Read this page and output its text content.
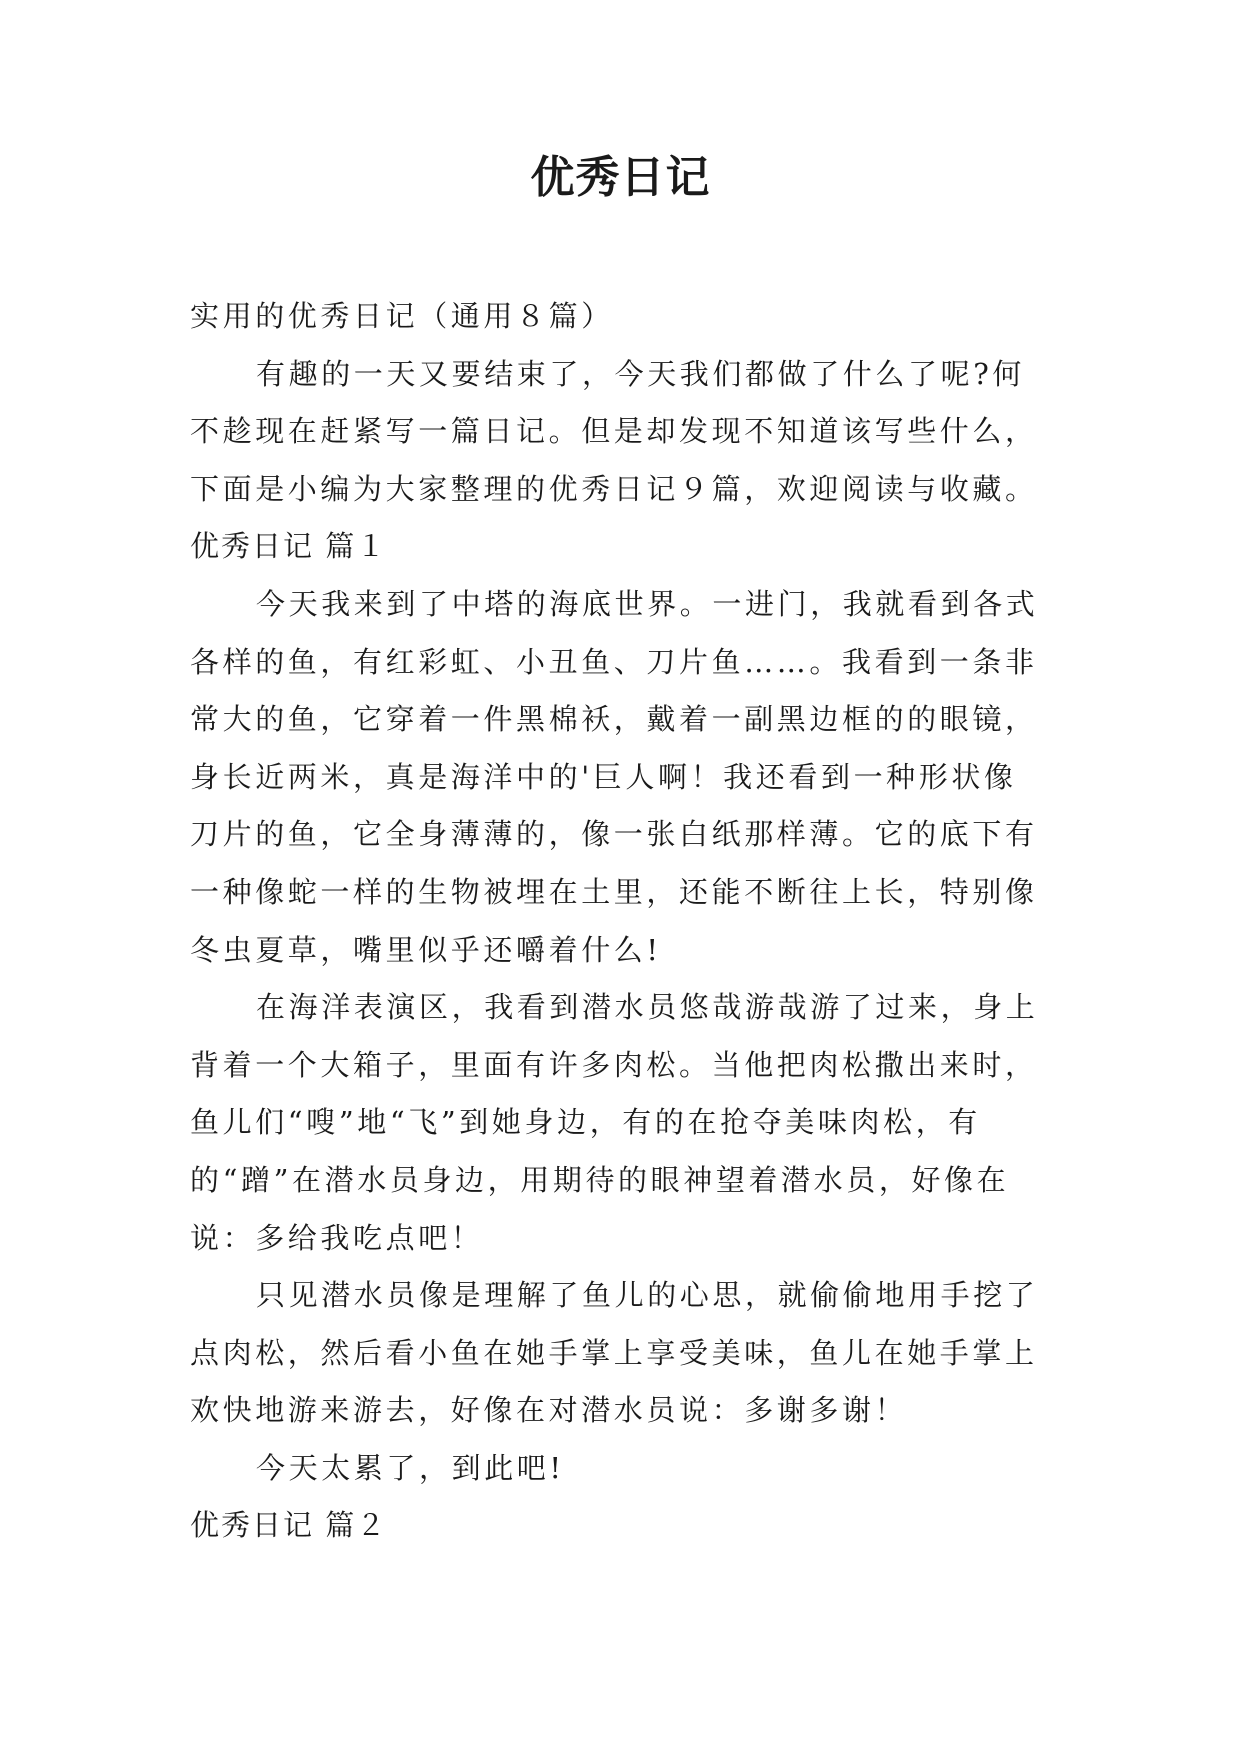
优秀日记

实用的优秀日记（通用８篇）

有趣的一天又要结束了，今天我们都做了什么了呢?何

不趁现在赶紧写一篇日记。但是却发现不知道该写些什么，

下面是小编为大家整理的优秀日记９篇，欢迎阅读与收藏。

优秀日记 篇１

今天我来到了中塔的海底世界。一进门，我就看到各式

各样的鱼，有红彩虹、小丑鱼、刀片鱼……。我看到一条非

常大的鱼，它穿着一件黑棉袄，戴着一副黑边框的的眼镜，

身长近两米，真是海洋中的'巨人啊！我还看到一种形状像

刀片的鱼，它全身薄薄的，像一张白纸那样薄。它的底下有

一种像蛇一样的生物被埋在土里，还能不断往上长，特别像

冬虫夏草，嘴里似乎还嚼着什么!

在海洋表演区，我看到潜水员悠哉游哉游了过来，身上

背着一个大箱子，里面有许多肉松。当他把肉松撒出来时，

鱼儿们“嗖”地“飞”到她身边，有的在抢夺美味肉松，有

的“蹭”在潜水员身边，用期待的眼神望着潜水员，好像在

说：多给我吃点吧！

只见潜水员像是理解了鱼儿的心思，就偷偷地用手挖了

点肉松，然后看小鱼在她手掌上享受美味，鱼儿在她手掌上

欢快地游来游去，好像在对潜水员说：多谢多谢！

今天太累了，到此吧!

优秀日记 篇２
